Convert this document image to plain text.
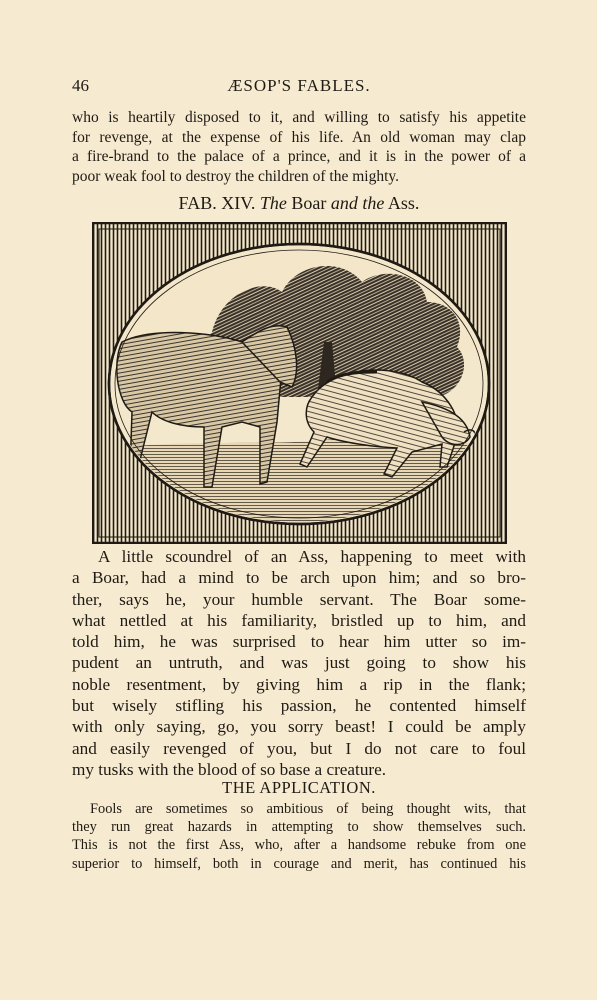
46	ÆSOP'S FABLES.
who is heartily disposed to it, and willing to satisfy his appetite
for revenge, at the expense of his life. An old woman may clap
a fire-brand to the palace of a prince, and it is in the power of a
poor weak fool to destroy the children of the mighty.
FAB. XIV. The Boar and the Ass.
A little scoundrel of an Ass, happening to meet with
a Boar, had a mind to be arch upon him; and so bro-
ther, says he, your humble servant. The Boar some-
what nettled at his familiarity, bristled up to him, and
told him, he was surprised to hear him utter so im-
pudent an untruth, and was just going to show his
noble resentment, by giving him a rip in the flank;
but wisely stifling his passion, he contented himself
with only saying, go, you sorry beast! I could be amply
and easily revenged of you, but I do not care to foul
my tusks with the blood of so base a creature.
THE APPLICATION.
Fools are sometimes so ambitious of being thought wits, that
they run great hazards in attempting to show themselves such.
This is not the first Ass, who, after a handsome rebuke from one
superior to himself, both in courage and merit, has continued his
